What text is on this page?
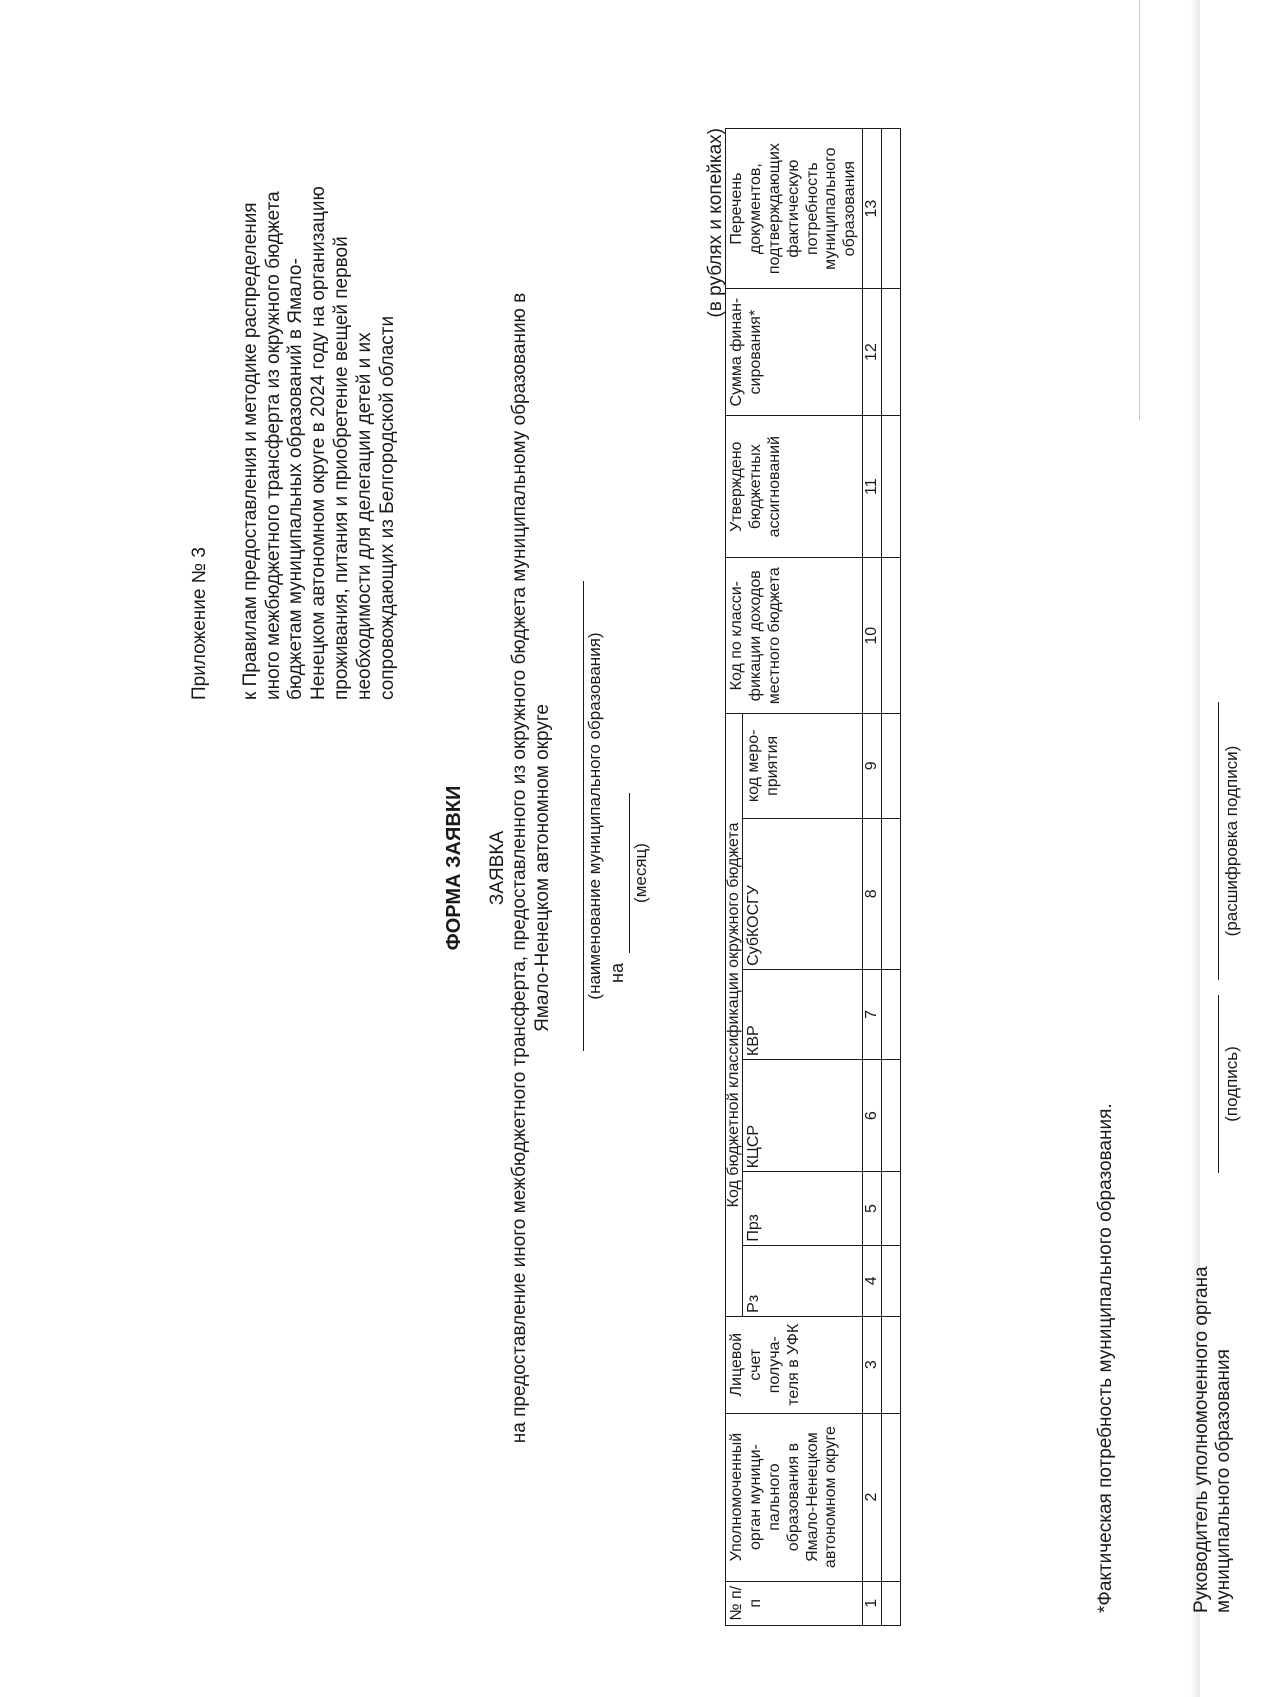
Приложение № 3 к Правилам предоставления и методике распределения иного межбюджетного трансферта из окружного бюджета бюджетам муниципальных образований в Ямало-Ненецком автономном округе в 2024 году на организацию проживания, питания и приобретение вещей первой необходимости для делегации детей и их сопровождающих из Белгородской области

ФОРМА ЗАЯВКИ ЗАЯВКА на предоставление иного межбюджетного трансферта, предоставленного из окружного бюджета муниципальному образованию в Ямало-Ненецком автономном округе (наименование муниципального образования) на
(месяц)
(в рублях и копейках)
№ п/п	Уполномоченный орган муници-пального образования в Ямало-Ненецком автономном округе	Лицевой счет получа-теля в УФК	Код бюджетной классификации окружного бюджета						Код по класси-фикации доходов местного бюджета	Утверждено бюджетных ассигнований	Сумма финан-сирования*	Перечень документов, подтверждающих фактическую потребность муниципального образования
			Рз	Прз	КЦСР	КВР	СубКОСГУ	код меро-приятия				
1	2	3	4	5	6	7	8	9	10	11	12	13

*Фактическая потребность муниципального образования.	Руководитель уполномоченного органа муниципального образования

(подпись)
(расшифровка подписи)
